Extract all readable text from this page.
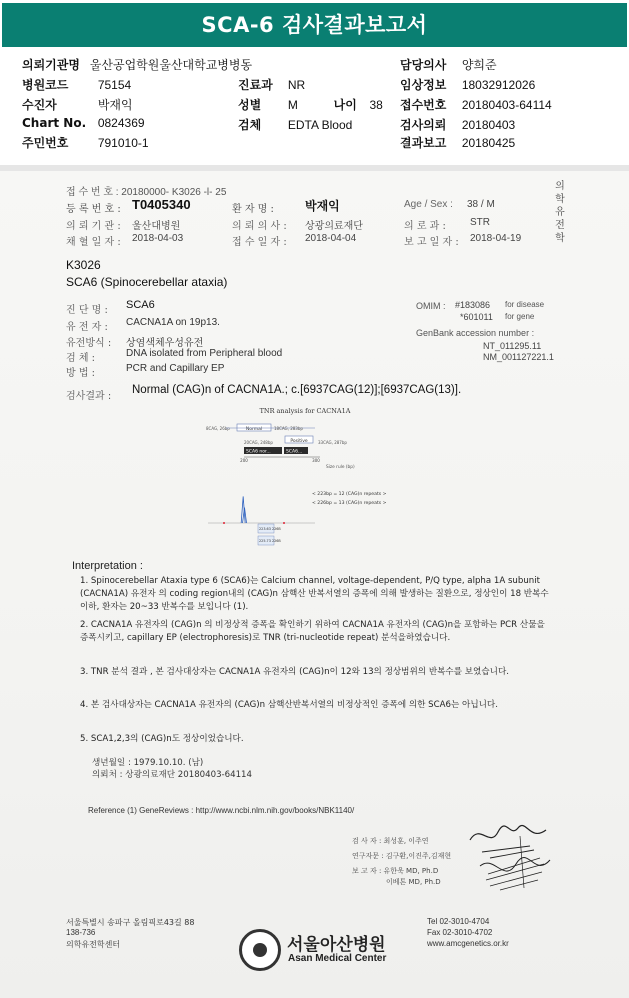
SCA-6 검사결과보고서
의뢰기관명 울산공업학원울산대학교병병동
병원코드 75154
수진자	박재익
Chart No. 0824369
주민번호 791010-1
진료과 NR
성별 M	나이 38
검체 EDTA Blood
담당의사 양희준
임상정보 18032912026
접수번호 20180403-64114
검사의뢰 20180403
결과보고 20180425
접 수 번 호 : 20180000- K3026 -l- 25
등 록 번 호 : T0405340	환 자 명 :	박재익	Age / Sex : 38 / M
의 뢰 기 관 : 울산대병원	의 뢰 의 사 : 상광의료재단	의 로 과 : STR
채 혈 일 자 : 2018-04-03	접 수 일 자 : 2018-04-04	보 고 일 자 : 2018-04-19
의
학
유
전
학
K3026
SCA6 (Spinocerebellar ataxia)
진 단 명 : SCA6
유 전 자 : CACNA1A on 19p13.
유전방식 : 상염색체우성유전
검 체 :	DNA isolated from Peripheral blood
방 법 :	PCR and Capillary EP
OMIM : #183086 for disease
*601011 for gene
GenBank accession number :
NT_011295.11
NM_001127221.1
검사결과 :
Normal (CAG)n of CACNA1A.; c.[6937CAG(12)];[6937CAG(13)].
TNR analysis for CACNA1A
8CAG, 26bp	Normal	18CAG, 283bp
20CAG, 248bp	Positive	33CAG, 287bp
SCA6 nor...	SCA6...
200	300
Size rule (bp)
< 223bp = 12 (CAG)n repeats >
< 226bp = 13 (CAG)n repeats >
223.63 226B
225.73 226B
Interpretation :
1. Spinocerebellar Ataxia type 6 (SCA6)는 Calcium channel, voltage-dependent, P/Q type, alpha 1A subunit (CACNA1A) 유전자 의 coding region내의 (CAG)n 삼핵산 반복서열의 증폭에 의해 발생하는 질환으로, 정상인이 18 반복수 이하, 환자는 20~33 반복수를 보입니다 (1).
2. CACNA1A 유전자의 (CAG)n 의 비정상적 증폭을 확인하기 위하여 CACNA1A 유전자의 (CAG)n을 포함하는 PCR 산물을 증폭시키고, capillary EP (electrophoresis)로 TNR (tri-nucleotide repeat) 분석을하였습니다.
3. TNR 분석 결과 , 본 검사대상자는 CACNA1A 유전자의 (CAG)n이 12와 13의 정상범위의 반복수를 보였습니다.
4. 본 검사대상자는 CACNA1A 유전자의 (CAG)n 삼핵산반복서열의 비정상적인 증폭에 의한 SCA6는 아닙니다.
5. SCA1,2,3의 (CAG)n도 정상이었습니다.
생년월일 : 1979.10.10. (남)
의뢰처 : 상광의료재단 20180403-64114
Reference (1) GeneReviews : http://www.ncbi.nlm.nih.gov/books/NBK1140/
검 사 자 : 최성훈, 이주연
연구자문 : 김구환,이진주,김재현
보 고 자 : 유한욱 MD, Ph.D
이베톤 MD, Ph.D
서울특별시 송파구 올림픽로43길 88
138-736
의학유전학센터	서울아산병원
Asan Medical Center
Tel 02-3010-4704
Fax 02-3010-4702
www.amcgenetics.or.kr
